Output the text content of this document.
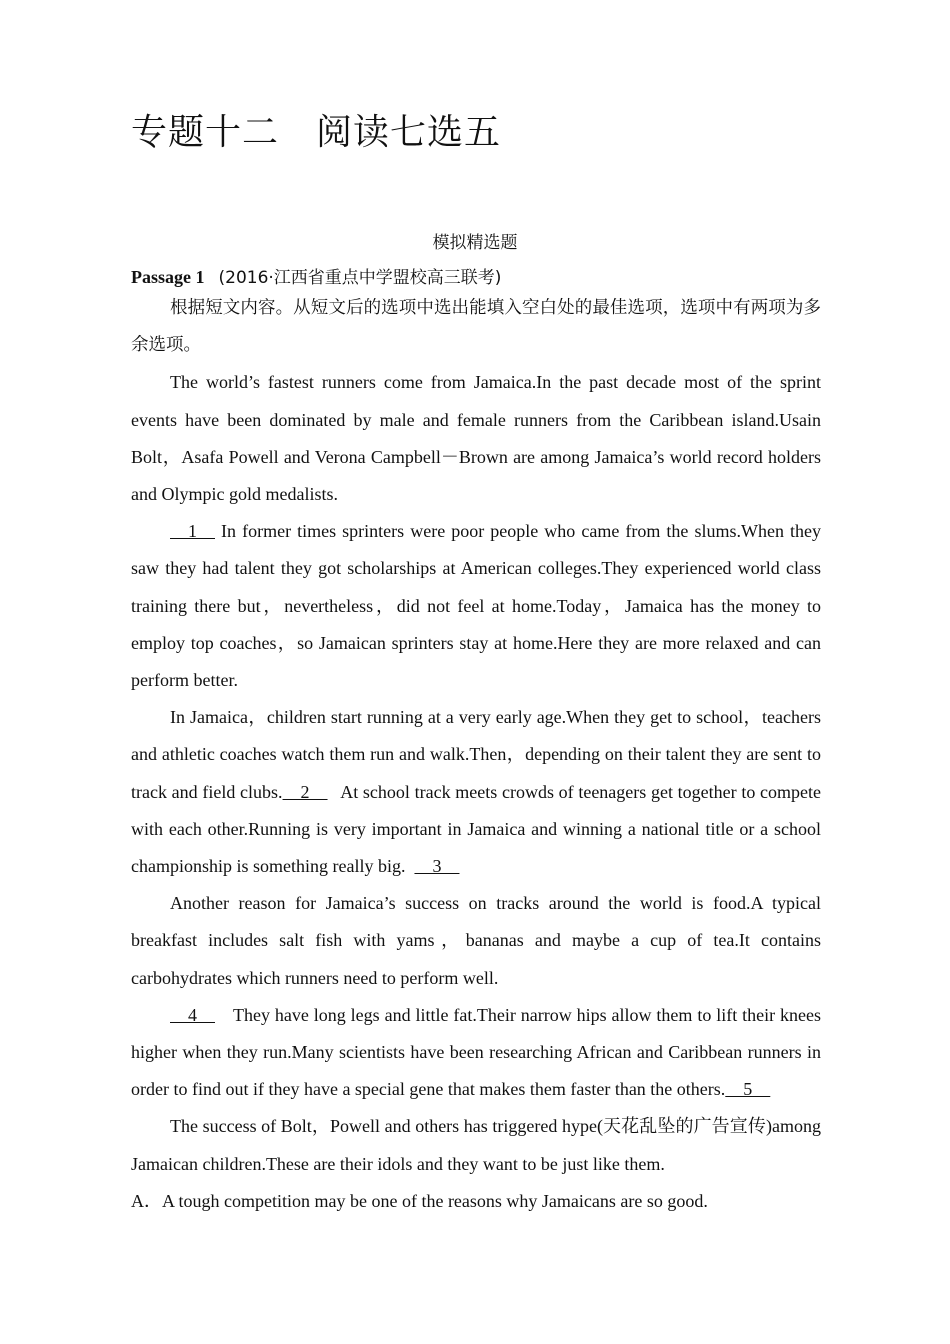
专题十二　阅读七选五
模拟精选题
Passage 1 (2016·江西省重点中学盟校高三联考)

根据短文内容。从短文后的选项中选出能填入空白处的最佳选项，选项中有两项为多余选项。

The world’s fastest runners come from Jamaica.In the past decade most of the sprint events have been dominated by male and female runners from the Caribbean island.Usain Bolt，Asafa Powell and Verona Campbell－Brown are among Jamaica’s world record holders and Olympic gold medalists.

  1   In former times sprinters were poor people who came from the slums.When they saw they had talent they got scholarships at American colleges.They experienced world class training there but，nevertheless，did not feel at home.Today，Jamaica has the money to employ top coaches，so Jamaican sprinters stay at home.Here they are more relaxed and can perform better.

In Jamaica，children start running at a very early age.When they get to school，teachers and athletic coaches watch them run and walk.Then，depending on their talent they are sent to track and field clubs.  2    At school track meets crowds of teenagers get together to compete with each other.Running is very important in Jamaica and winning a national title or a school championship is something really big.   3  

Another reason for Jamaica’s success on tracks around the world is food.A typical breakfast includes salt fish with yams，bananas and maybe a cup of tea.It contains carbohydrates which runners need to perform well.

  4    They have long legs and little fat.Their narrow hips allow them to lift their knees higher when they run.Many scientists have been researching African and Caribbean runners in order to find out if they have a special gene that makes them faster than the others.  5  

The success of Bolt，Powell and others has triggered hype(天花乱坠的广告宣传)among Jamaican children.These are their idols and they want to be just like them.

A．A tough competition may be one of the reasons why Jamaicans are so good.
